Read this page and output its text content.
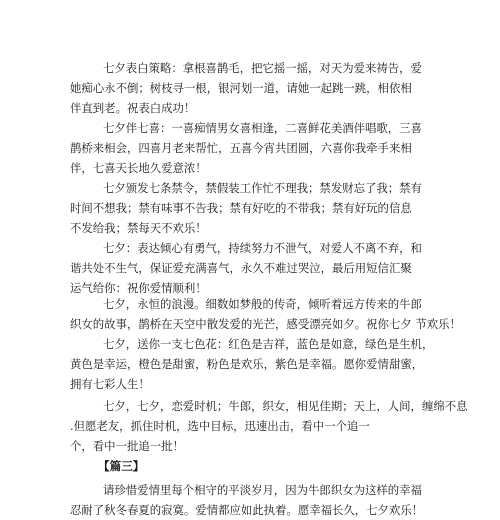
七夕表白策略：拿根喜鹊毛，把它摇一摇，对天为爱来祷告，爱
她痴心永不倒；树枝寻一根，银河划一道，请她一起跳一跳，相依相
伴直到老。祝表白成功！
七夕伴七喜：一喜痴情男女喜相逢，二喜鲜花美酒伴唱歌，三喜
鹊桥来相会，四喜月老来帮忙，五喜今宵共团圆，六喜你我牵手来相
伴，七喜天长地久爱意浓！
七夕颁发七条禁令，禁假装工作忙不理我；禁发财忘了我；禁有
时间不想我；禁有味事不告我；禁有好吃的不带我；禁有好玩的信息
不发给我；禁每天不欢乐！
七夕：表达倾心有勇气，持续努力不泄气，对爱人不离不弃，和
谐共处不生气，保证爱充满喜气，永久不难过哭泣，最后用短信汇聚
运气给你：祝你爱情顺利！
七夕，永恒的浪漫。细数如梦般的传奇，倾听着远方传来的牛郎
织女的故事，鹊桥在天空中散发爱的光芒，感受漂亮如夕。祝你七夕 节欢乐！
七夕，送你一支七色花：红色是吉祥，蓝色是如意，绿色是生机，
黄色是幸运，橙色是甜蜜，粉色是欢乐，紫色是幸福。愿你爱情甜蜜，
拥有七彩人生！
七夕，七夕，恋爱时机；牛郎，织女，相见佳期；天上，人间，缠绵不息
.但愿老友，抓住时机，选中目标，迅速出击，看中一个追一
个，看中一批追一批！
【篇三】
请珍惜爱情里每个相守的平淡岁月，因为牛郎织女为这样的幸福
忍耐了秋冬春夏的寂寞。爱情都应如此执着。愿幸福长久，七夕欢乐！
